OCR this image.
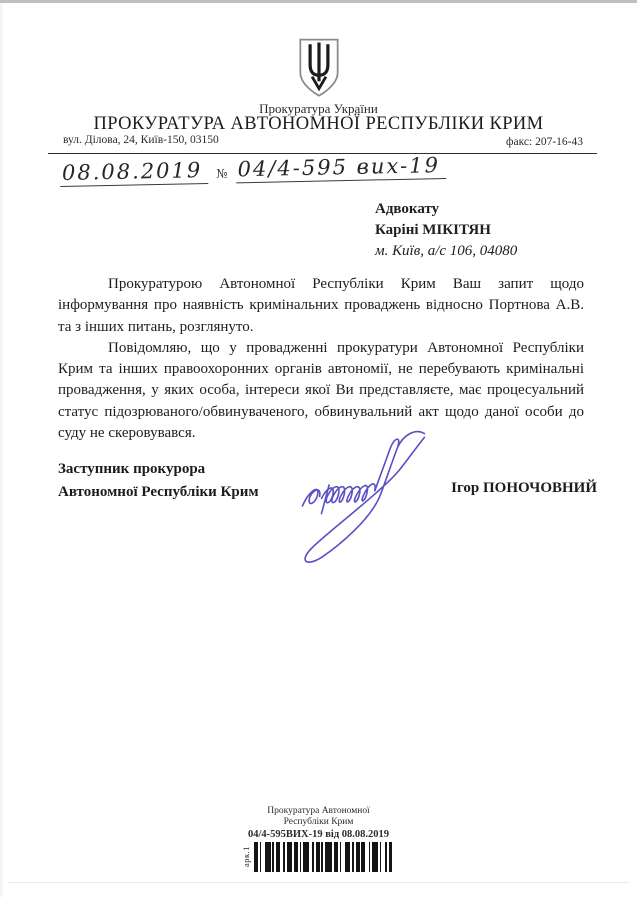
Прокуратура України
ПРОКУРАТУРА АВТОНОМНОЇ РЕСПУБЛІКИ КРИМ
вул. Ділова, 24, Київ-150, 03150	факс: 207-16-43
08.08.2019	№ 04/4-595 вих-19
Адвокату
Каріні МІКІТЯН
м. Київ, а/с 106, 04080

Прокуратурою Автономної Республіки Крим Ваш запит щодо інформування про наявність кримінальних проваджень відносно Портнова А.В. та з інших питань, розглянуто.

Повідомляю, що у провадженні прокуратури Автономної Республіки Крим та інших правоохоронних органів автономії, не перебувають кримінальні провадження, у яких особа, інтереси якої Ви представляєте, має процесуальний статус підозрюваного/обвинуваченого, обвинувальний акт щодо даної особи до суду не скеровувався.

Заступник прокурора
Автономної Республіки Крим	Ігор ПОНОЧОВНИЙ
Прокуратура Автономної
Республіки Крим
04/4-595ВИХ-19 від 08.08.2019
арк.1
